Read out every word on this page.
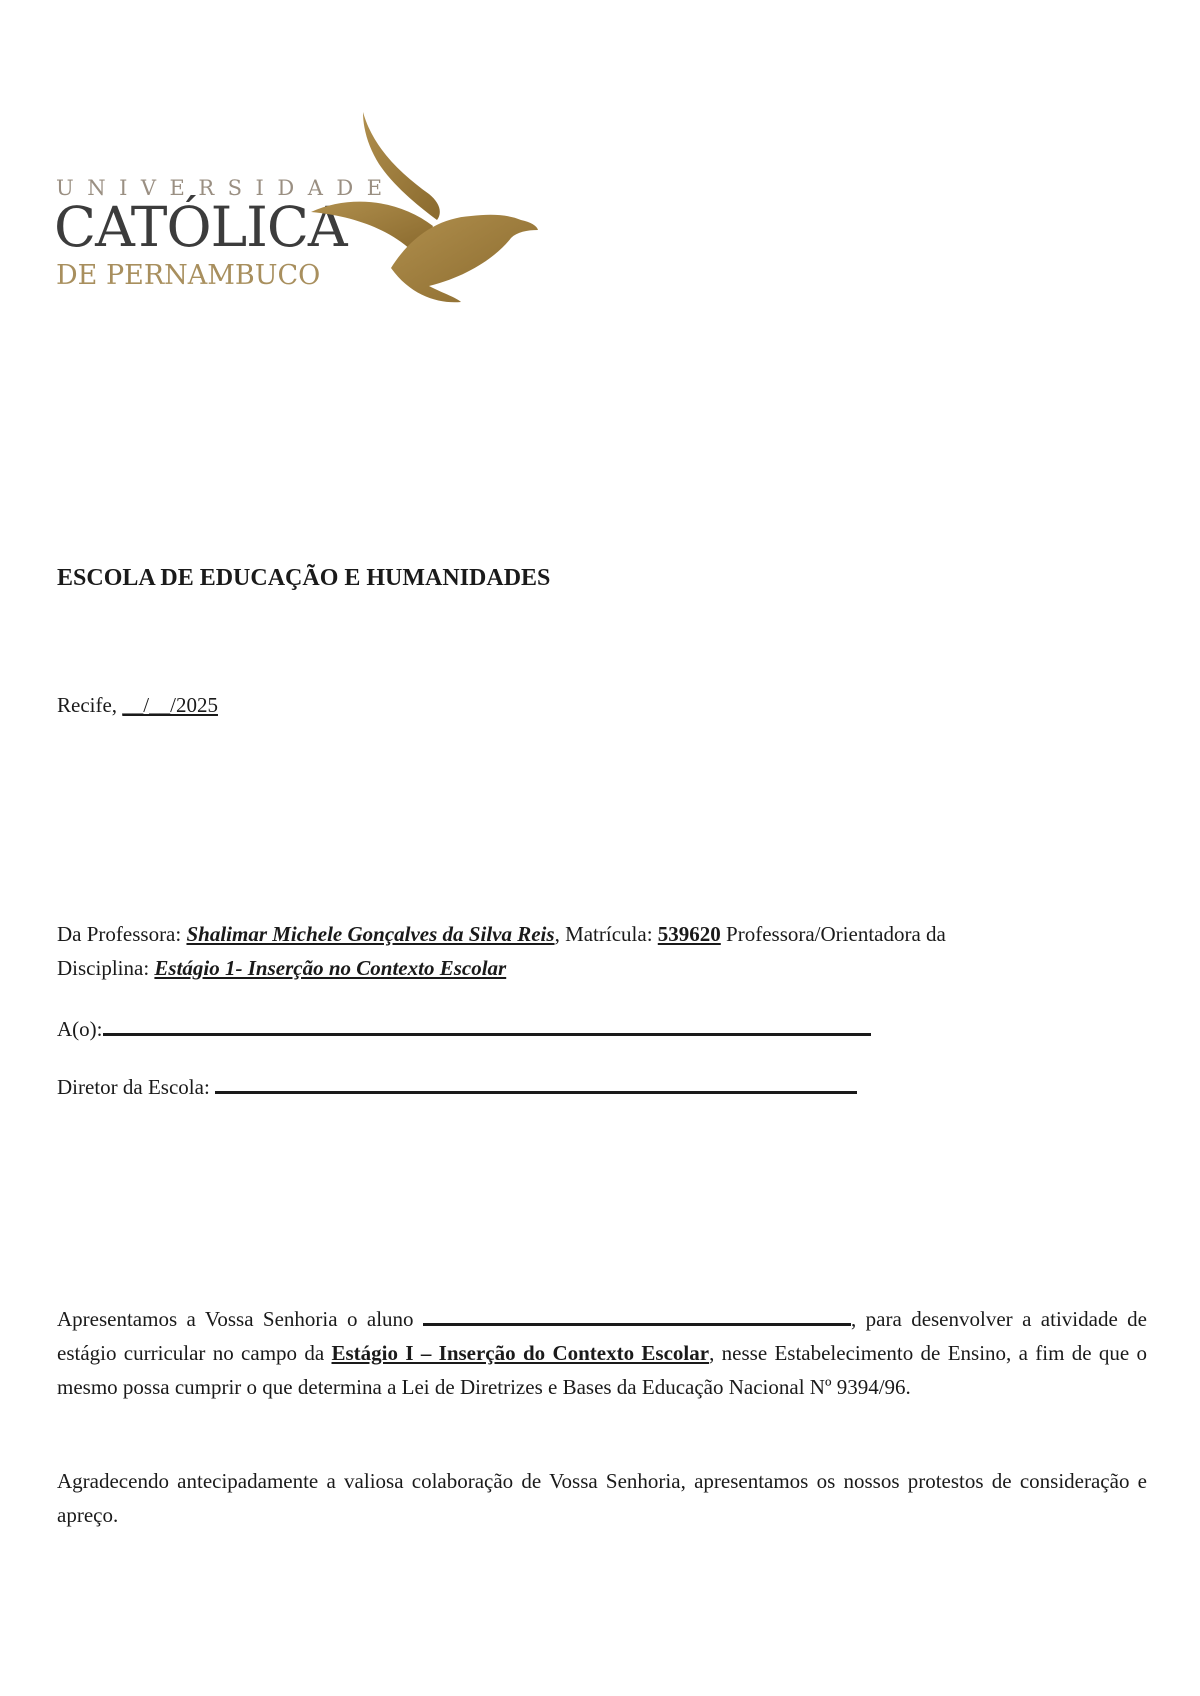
UNIVERSIDADE
CATÓLICA
DE PERNAMBUCO
ESCOLA DE EDUCAÇÃO E HUMANIDADES

Recife, __/__/2025

Da Professora: Shalimar Michele Gonçalves da Silva Reis, Matrícula: 539620 Professora/Orientadora da
Disciplina: Estágio 1- Inserção no Contexto Escolar

A(o):

Diretor da Escola:

Apresentamos a Vossa Senhoria o aluno	, para desenvolver a atividade de estágio curricular no campo da Estágio I – Inserção do Contexto Escolar, nesse Estabelecimento de Ensino, a fim de que o mesmo possa cumprir o que determina a Lei de Diretrizes e Bases da Educação Nacional Nº 9394/96.

Agradecendo antecipadamente a valiosa colaboração de Vossa Senhoria, apresentamos os nossos protestos de consideração e apreço.
